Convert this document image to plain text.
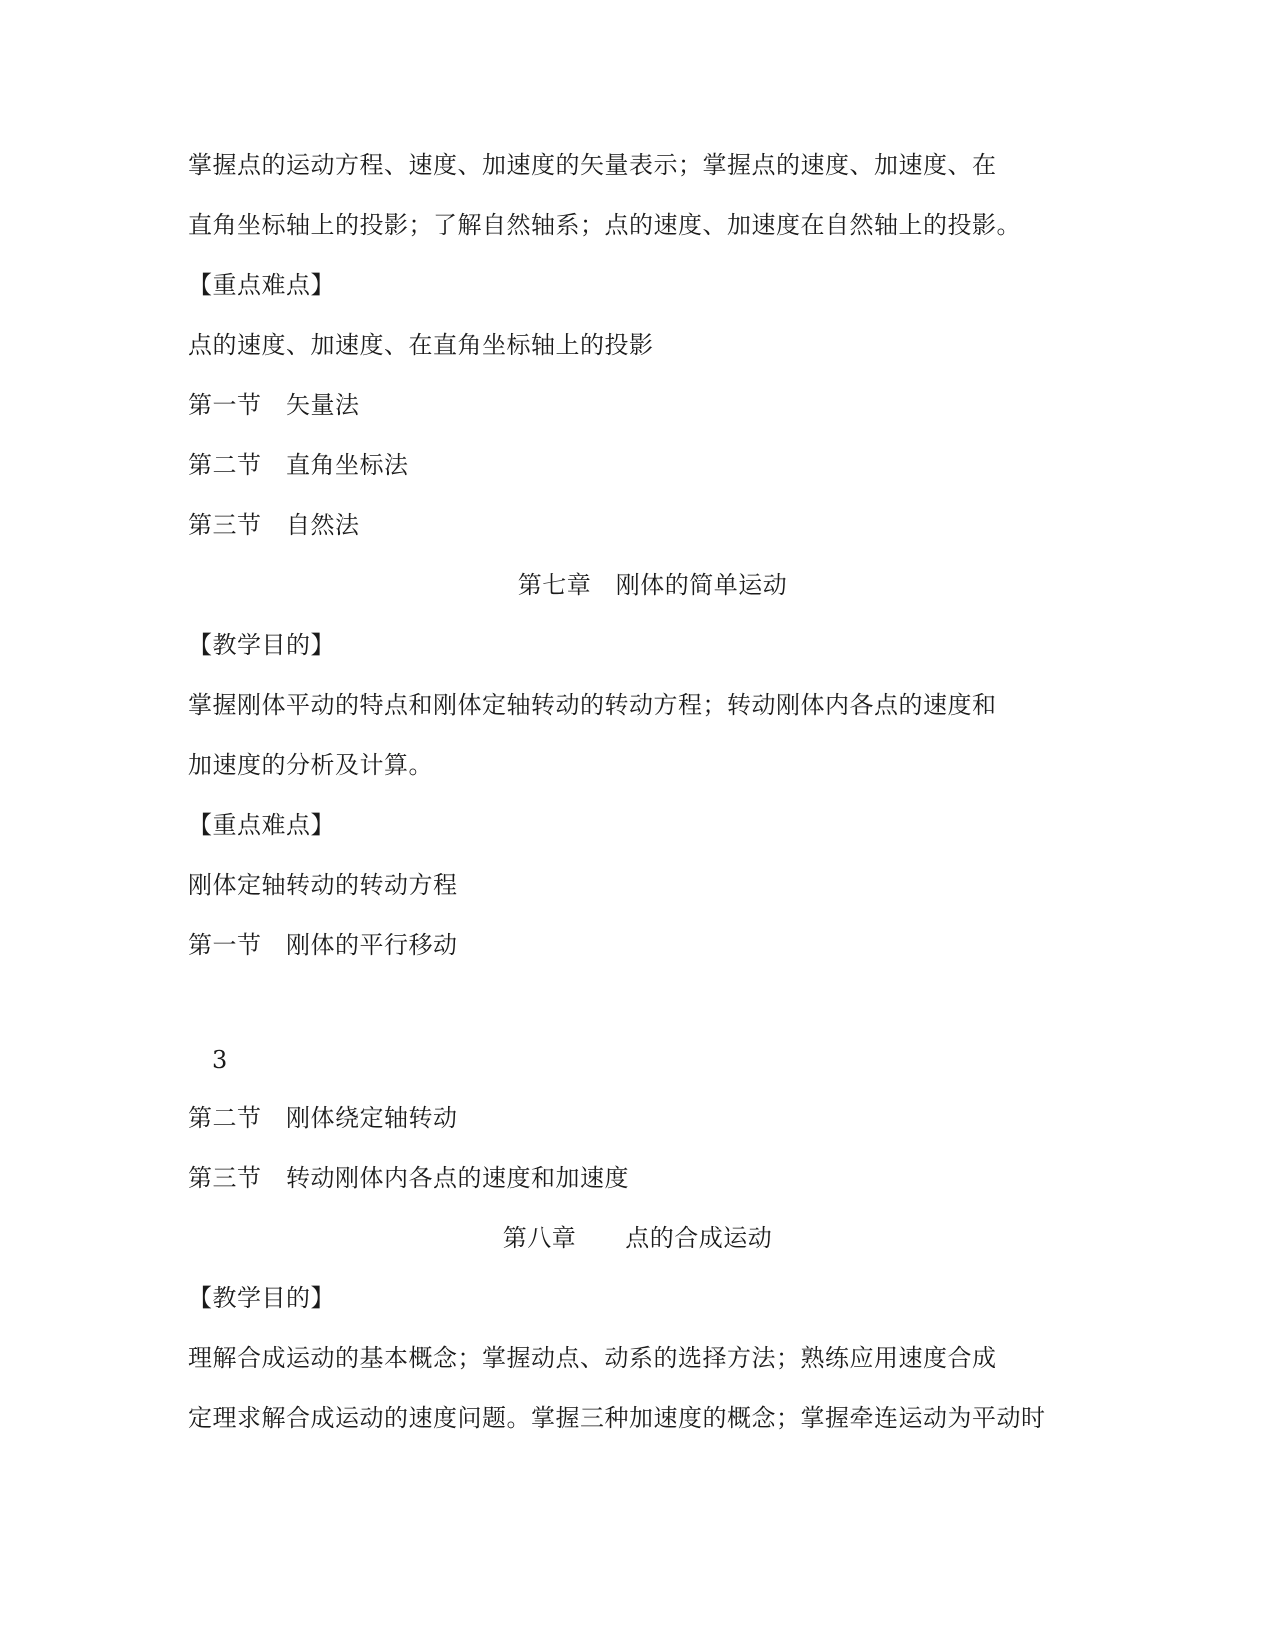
掌握点的运动方程、速度、加速度的矢量表示；掌握点的速度、加速度、在
直角坐标轴上的投影；了解自然轴系；点的速度、加速度在自然轴上的投影。
【重点难点】
点的速度、加速度、在直角坐标轴上的投影
第一节　矢量法
第二节　直角坐标法
第三节　自然法
第七章　刚体的简单运动
【教学目的】
掌握刚体平动的特点和刚体定轴转动的转动方程；转动刚体内各点的速度和
加速度的分析及计算。
【重点难点】
刚体定轴转动的转动方程
第一节　刚体的平行移动
3
第二节　刚体绕定轴转动
第三节　转动刚体内各点的速度和加速度
第八章　　点的合成运动
【教学目的】
理解合成运动的基本概念；掌握动点、动系的选择方法；熟练应用速度合成
定理求解合成运动的速度问题。掌握三种加速度的概念；掌握牵连运动为平动时
